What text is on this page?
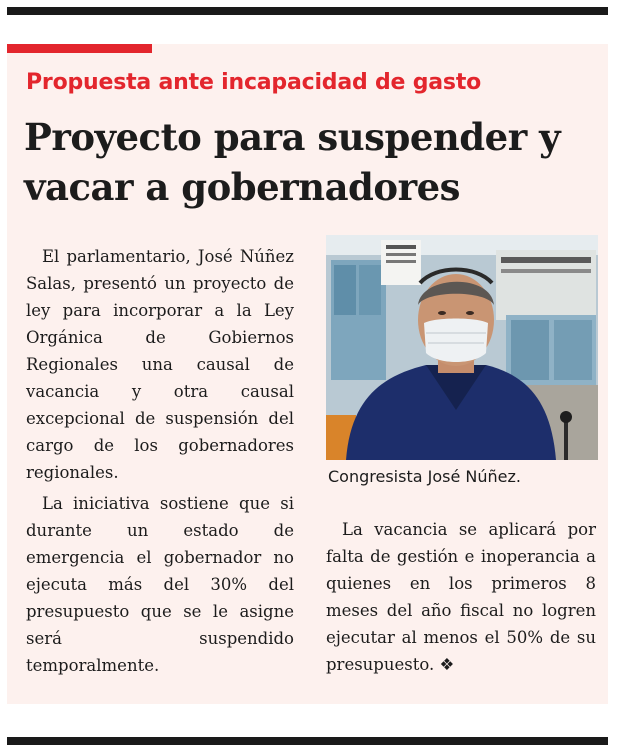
Propuesta ante incapacidad de gasto
Proyecto para suspender y vacar a gobernadores

El parlamentario, José Núñez Salas, presentó un proyecto de ley para incorporar a la Ley Orgánica de Gobiernos Regionales una causal de vacancia y otra causal excepcional de suspensión del cargo de los gobernadores regionales.

La iniciativa sostiene que si durante un estado de emergencia el gobernador no ejecuta más del 30% del presupuesto que se le asigne será suspendido temporalmente.

Congresista José Núñez.

La vacancia se aplicará por falta de gestión e inoperancia a quienes en los primeros 8 meses del año fiscal no logren ejecutar al menos el 50% de su presupuesto. ❖
